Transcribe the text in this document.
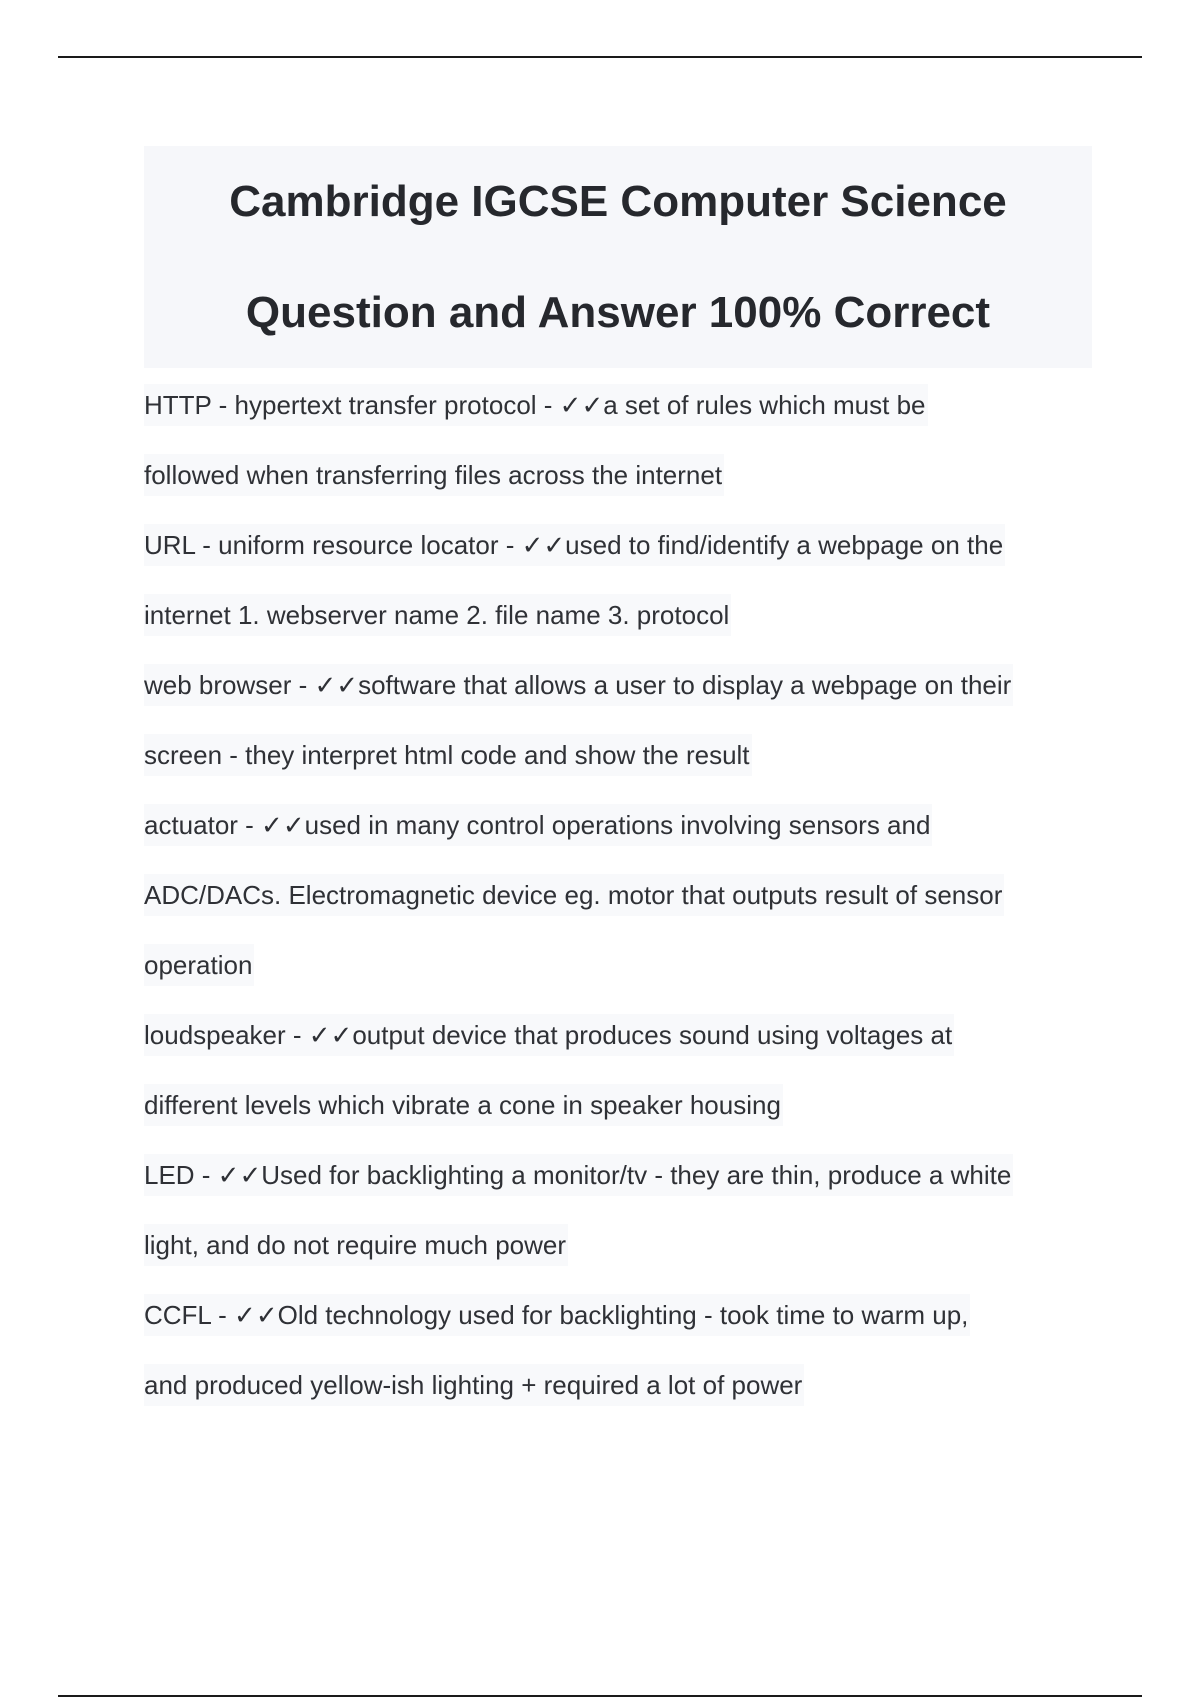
Cambridge IGCSE Computer Science
Question and Answer 100% Correct

HTTP - hypertext transfer protocol - ✓✓a set of rules which must be
followed when transferring files across the internet

URL - uniform resource locator - ✓✓used to find/identify a webpage on the
internet 1. webserver name 2. file name 3. protocol

web browser - ✓✓software that allows a user to display a webpage on their
screen - they interpret html code and show the result

actuator - ✓✓used in many control operations involving sensors and
ADC/DACs. Electromagnetic device eg. motor that outputs result of sensor
operation

loudspeaker - ✓✓output device that produces sound using voltages at
different levels which vibrate a cone in speaker housing

LED - ✓✓Used for backlighting a monitor/tv - they are thin, produce a white
light, and do not require much power

CCFL - ✓✓Old technology used for backlighting - took time to warm up,
and produced yellow-ish lighting + required a lot of power
